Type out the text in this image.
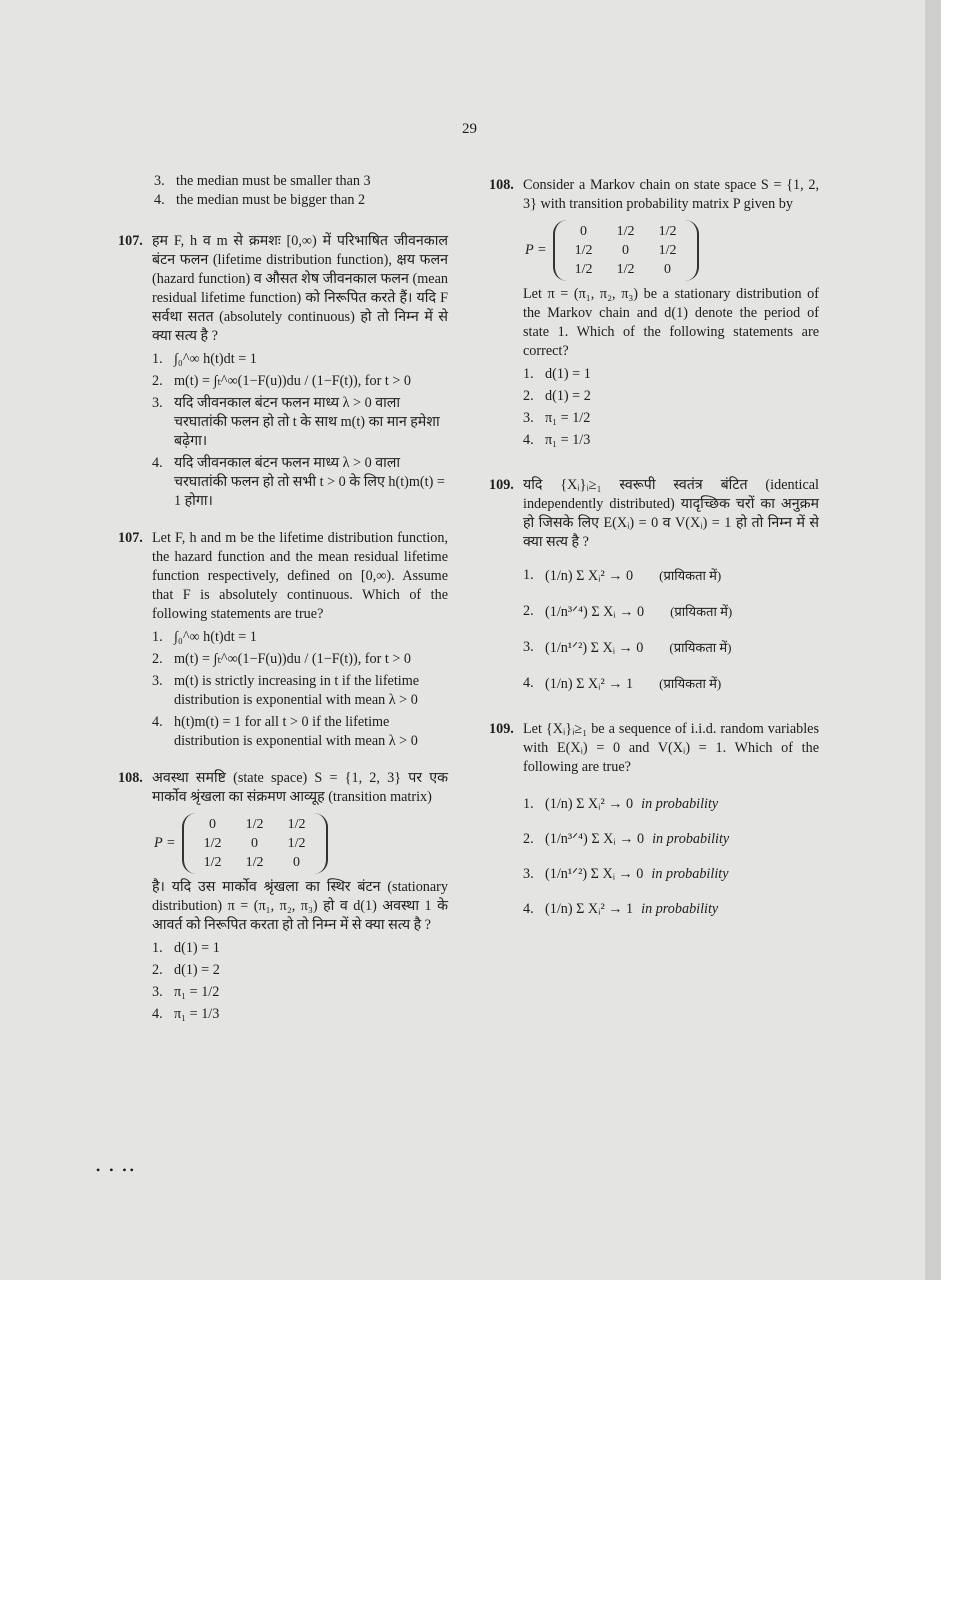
29
3. the median must be smaller than 3
4. the median must be bigger than 2
107. हम F, h व m से क्रमशः [0,∞) में परिभाषित जीवनकाल बंटन फलन (lifetime distribution function), क्षय फलन (hazard function) व औसत शेष जीवनकाल फलन (mean residual lifetime function) को निरूपित करते हैं। यदि F सर्वथा सतत (absolutely continuous) हो तो निम्न में से क्या सत्य है ?
1. ∫₀^∞ h(t)dt = 1
2. m(t) = ∫ₜ^∞(1−F(u))du / (1−F(t)), for t > 0
3. यदि जीवनकाल बंटन फलन माध्य λ > 0 वाला चरघातांकी फलन हो तो t के साथ m(t) का मान हमेशा बढ़ेगा।
4. यदि जीवनकाल बंटन फलन माध्य λ > 0 वाला चरघातांकी फलन हो तो सभी t > 0 के लिए h(t)m(t) = 1 होगा।
107. Let F, h and m be the lifetime distribution function, the hazard function and the mean residual lifetime function respectively, defined on [0,∞). Assume that F is absolutely continuous. Which of the following statements are true?
1. ∫₀^∞ h(t)dt = 1
2. m(t) = ∫ₜ^∞(1−F(u))du / (1−F(t)), for t > 0
3. m(t) is strictly increasing in t if the lifetime distribution is exponential with mean λ > 0
4. h(t)m(t) = 1 for all t > 0 if the lifetime distribution is exponential with mean λ > 0
108. अवस्था समष्टि (state space) S = {1, 2, 3} पर एक मार्कोव श्रृंखला का संक्रमण आव्यूह (transition matrix)
P =
0	1/2	1/2
1/2	0	1/2
1/2	1/2	0
है। यदि उस मार्कोव श्रृंखला का स्थिर बंटन (stationary distribution) π = (π₁, π₂, π₃) हो व d(1) अवस्था 1 के आवर्त को निरूपित करता हो तो निम्न में से क्या सत्य है ?
1. d(1) = 1
2. d(1) = 2
3. π₁ = 1/2
4. π₁ = 1/3
108. Consider a Markov chain on state space S = {1, 2, 3} with transition probability matrix P given by
P =
0	1/2	1/2
1/2	0	1/2
1/2	1/2	0
Let π = (π₁, π₂, π₃) be a stationary distribution of the Markov chain and d(1) denote the period of state 1. Which of the following statements are correct?
1. d(1) = 1
2. d(1) = 2
3. π₁ = 1/2
4. π₁ = 1/3
109. यदि {Xᵢ}ᵢ≥₁ स्वरूपी स्वतंत्र बंटित (identical independently distributed) यादृच्छिक चरों का अनुक्रम हो जिसके लिए E(Xᵢ) = 0 व V(Xᵢ) = 1 हो तो निम्न में से क्या सत्य है ?
1. (1/n) Σ Xᵢ² → 0 (प्रायिकता में)
2. (1/n³ᐟ⁴) Σ Xᵢ → 0 (प्रायिकता में)
3. (1/n¹ᐟ²) Σ Xᵢ → 0 (प्रायिकता में)
4. (1/n) Σ Xᵢ² → 1 (प्रायिकता में)
109. Let {Xᵢ}ᵢ≥₁ be a sequence of i.i.d. random variables with E(Xᵢ) = 0 and V(Xᵢ) = 1. Which of the following are true?
1. (1/n) Σ Xᵢ² → 0 in probability
2. (1/n³ᐟ⁴) Σ Xᵢ → 0 in probability
3. (1/n¹ᐟ²) Σ Xᵢ → 0 in probability
4. (1/n) Σ Xᵢ² → 1 in probability
• • ••
